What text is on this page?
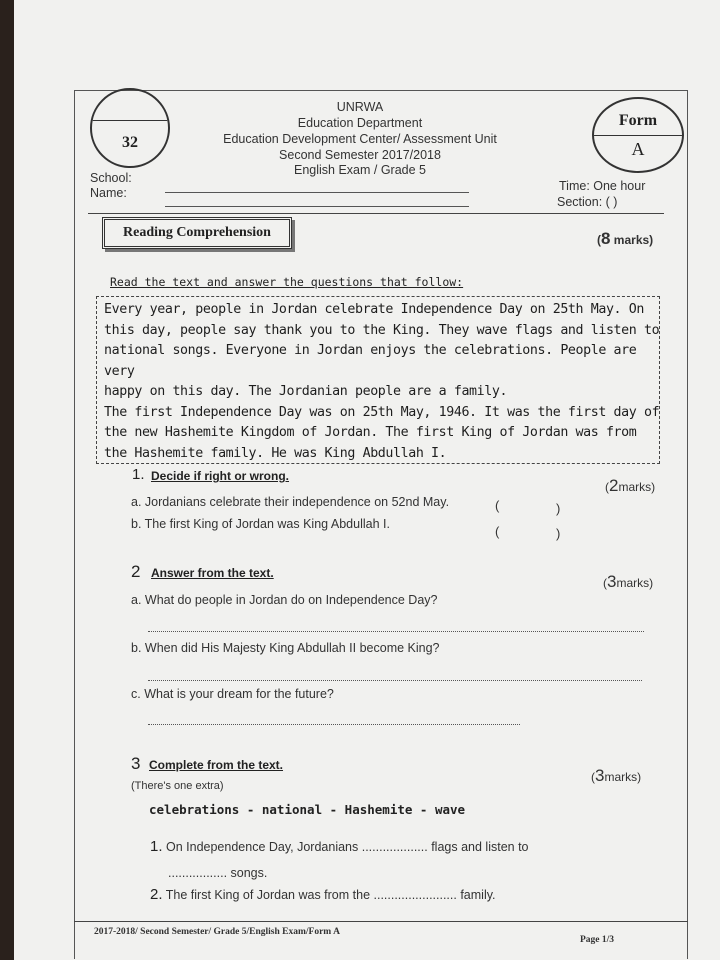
32
UNRWA
Education Department
Education Development Center/ Assessment Unit
Second Semester 2017/2018
English Exam / Grade 5
Form
A
School:
Name:	Time: One hour
Section: ( )
Reading Comprehension	(8 marks)
Read the text and answer the questions that follow:
Every year, people in Jordan celebrate Independence Day on 25th May. On
this day, people say thank you to the King. They wave flags and listen to
national songs. Everyone in Jordan enjoys the celebrations. People are very
happy on this day. The Jordanian people are a family.
The first Independence Day was on 25th May, 1946. It was the first day of
the new Hashemite Kingdom of Jordan. The first King of Jordan was from
the Hashemite family. He was King Abdullah I.
1. Decide if right or wrong.
(2marks)
a. Jordanians celebrate their independence on 52nd May.	(	)
b. The first King of Jordan was King Abdullah I.	(	)
2 Answer from the text.
(3marks)
a. What do people in Jordan do on Independence Day?
b. When did His Majesty King Abdullah II become King?
c. What is your dream for the future?
3 Complete from the text.
(3marks)
(There's one extra)
celebrations - national - Hashemite - wave
1. On Independence Day, Jordanians ................... flags and listen to
................. songs.
2. The first King of Jordan was from the ........................ family.
2017-2018/ Second Semester/ Grade 5/English Exam/Form A
Page 1/3
